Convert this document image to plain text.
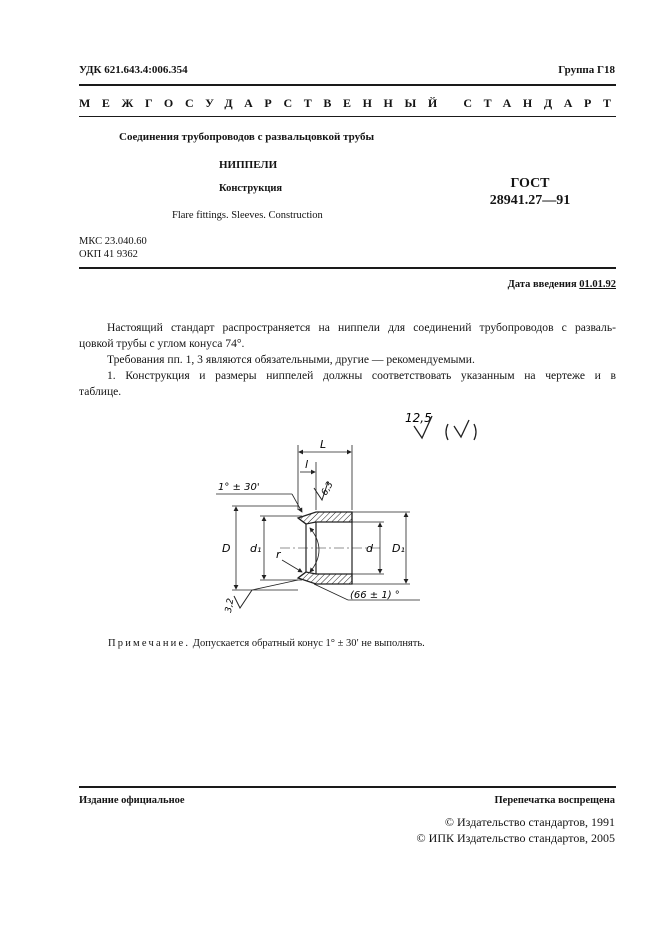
УДК 621.643.4:006.354	Группа Г18
МЕЖГОСУДАРСТВЕННЫЙ СТАНДАРТ
Соединения трубопроводов с развальцовкой трубы
НИППЕЛИ
Конструкция
Flare fittings. Sleeves. Construction
ГОСТ
28941.27—91
МКС 23.040.60
ОКП 41 9362
Дата введения 01.01.92
Настоящий стандарт распространяется на ниппели для соединений трубопроводов с разваль-
цовкой трубы с углом конуса 74°.
Требования пп. 1, 3 являются обязательными, другие — рекомендуемыми.
1. Конструкция и размеры ниппелей должны соответствовать указанным на чертеже и в
таблице.
12,5
L
l
6,3
1° ± 30'
D d₁ r
(66 ± 1) °
d D₁
3,2
Примечание. Допускается обратный конус 1° ± 30′ не выполнять.
Издание официальное	Перепечатка воспрещена
© Издательство стандартов, 1991
© ИПК Издательство стандартов, 2005
